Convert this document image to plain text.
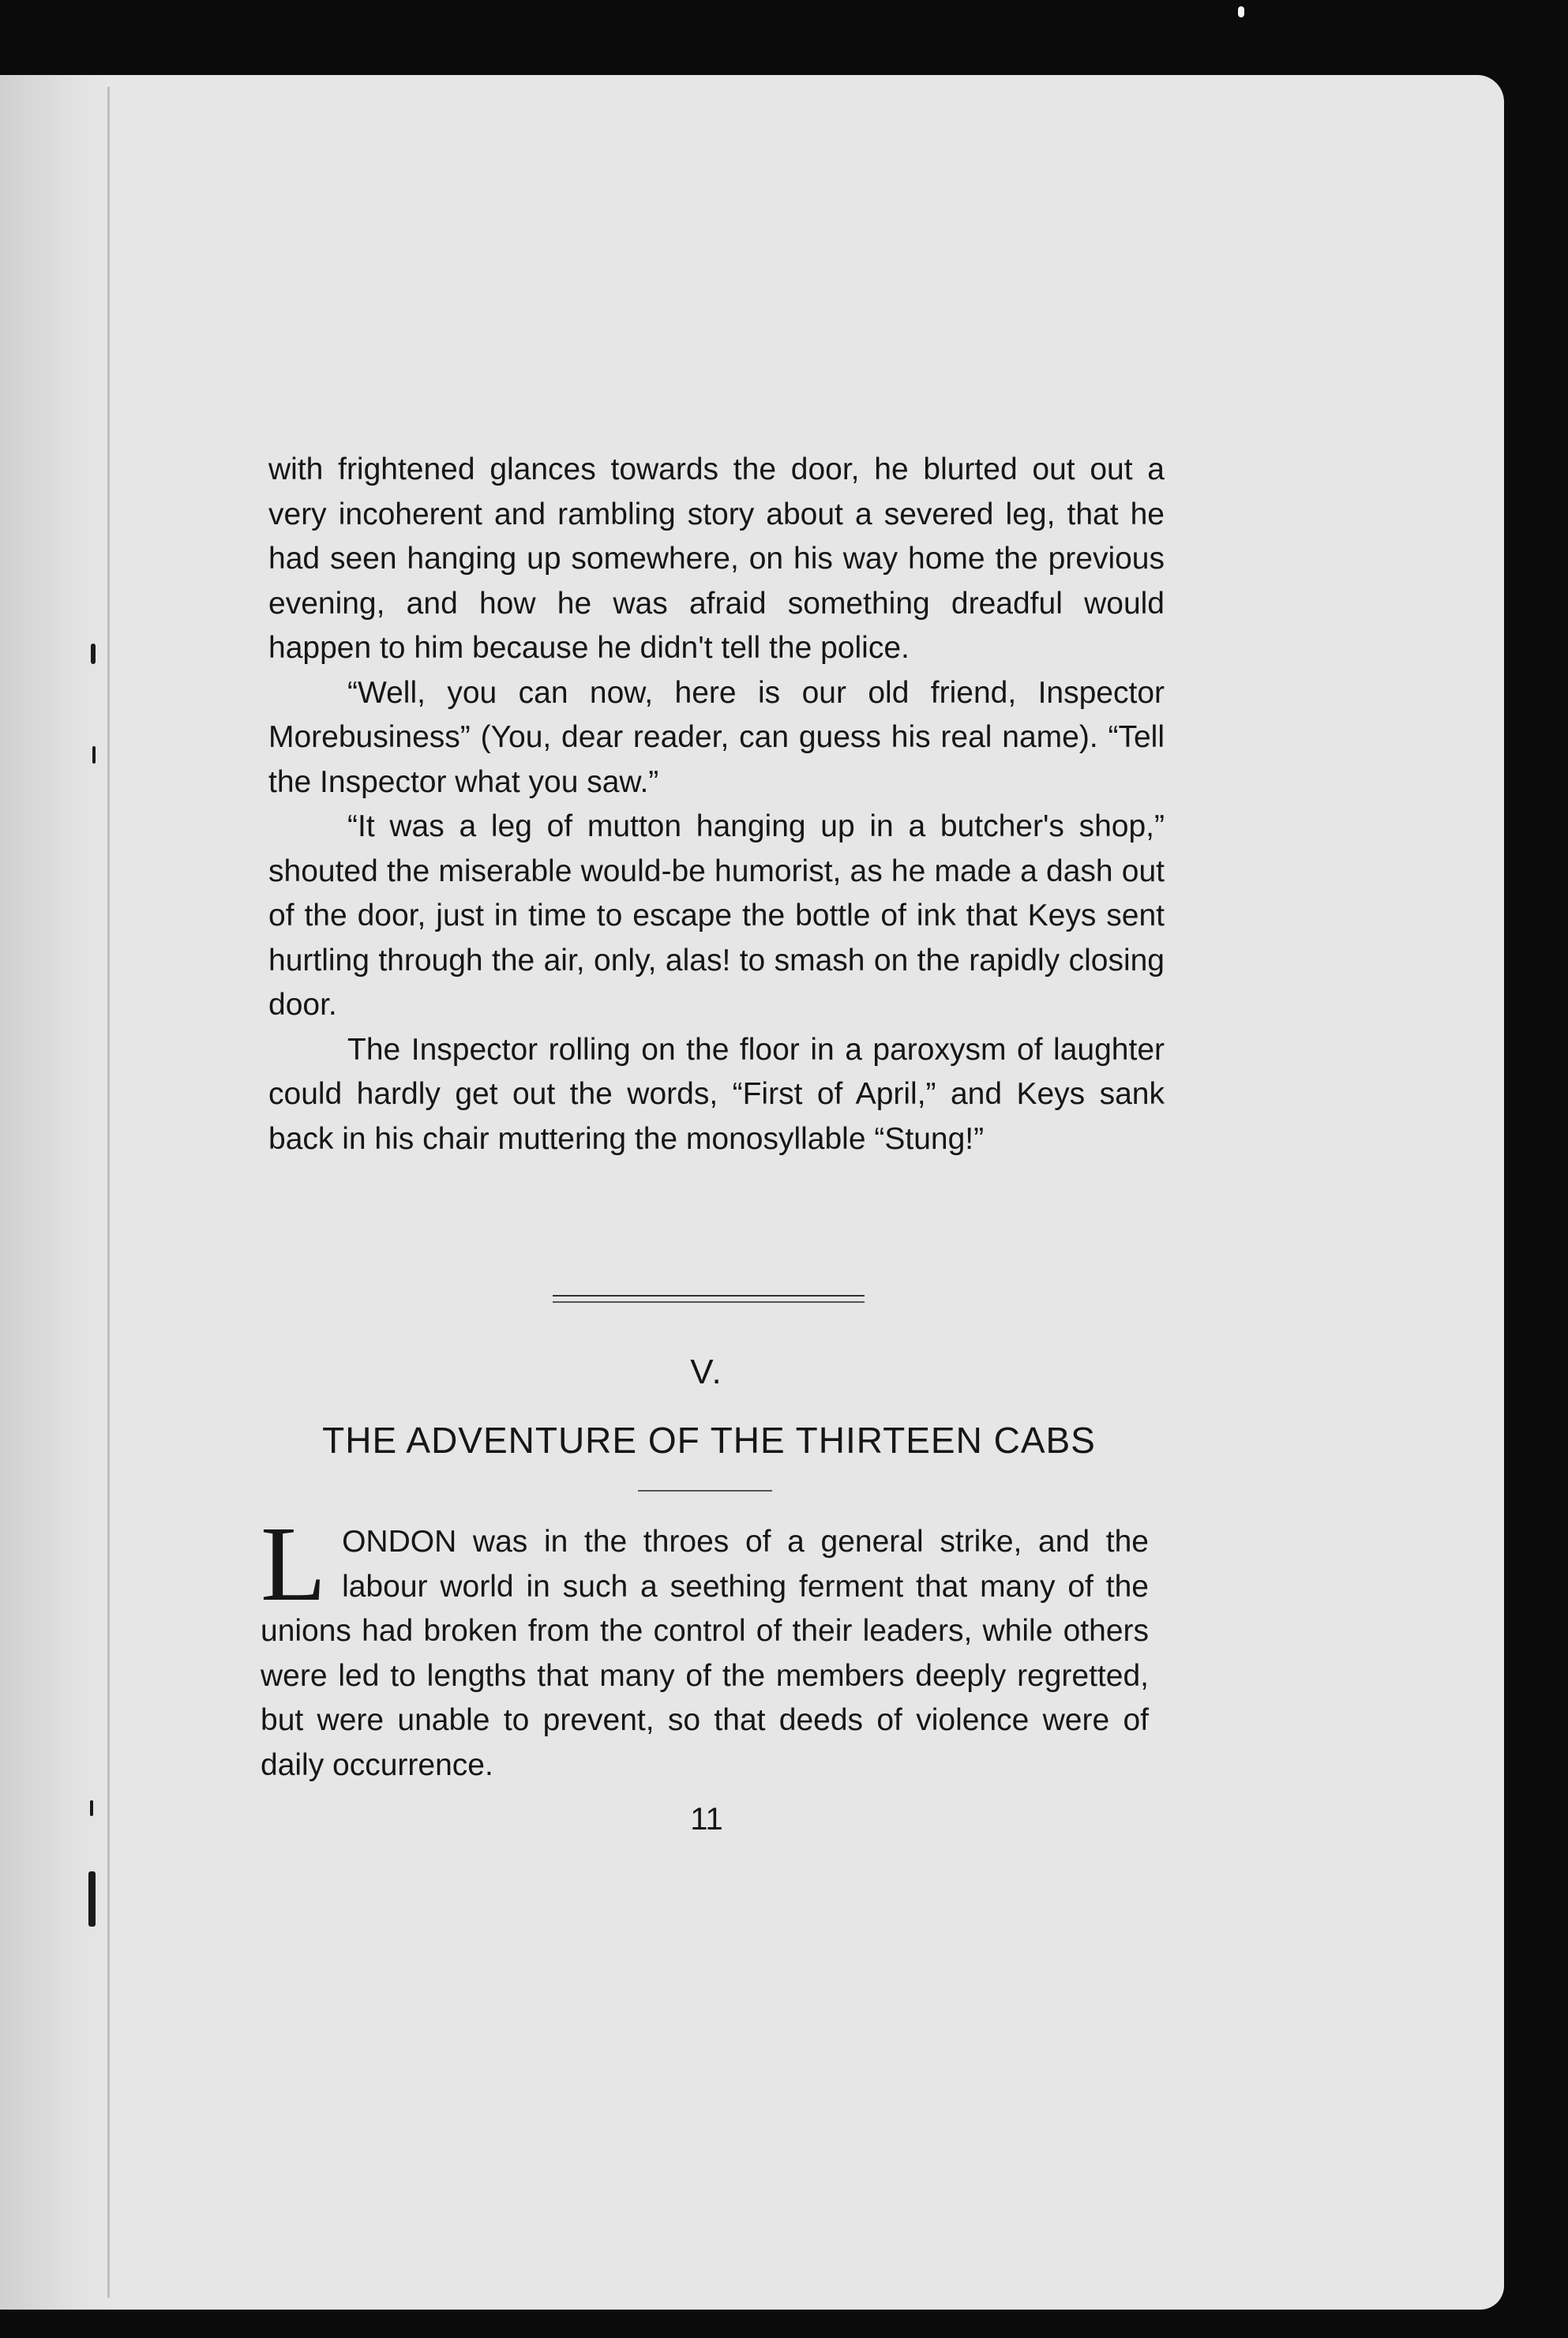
with frightened glances towards the door, he blurted out out a very incoherent and rambling story about a severed leg, that he had seen hanging up somewhere, on his way home the previous evening, and how he was afraid something dreadful would happen to him because he didn't tell the police.

“Well, you can now, here is our old friend, Inspector Morebusiness” (You, dear reader, can guess his real name). “Tell the Inspector what you saw.”

“It was a leg of mutton hanging up in a butcher's shop,” shouted the miserable would-be humorist, as he made a dash out of the door, just in time to escape the bottle of ink that Keys sent hurtling through the air, only, alas! to smash on the rapidly closing door.

The Inspector rolling on the floor in a paroxysm of laughter could hardly get out the words, “First of April,” and Keys sank back in his chair muttering the monosyllable “Stung!”

V.
THE ADVENTURE OF THE THIRTEEN CABS

LONDON was in the throes of a general strike, and the labour world in such a seething ferment that many of the unions had broken from the control of their leaders, while others were led to lengths that many of the members deeply regretted, but were unable to prevent, so that deeds of violence were of daily occurrence.

11
